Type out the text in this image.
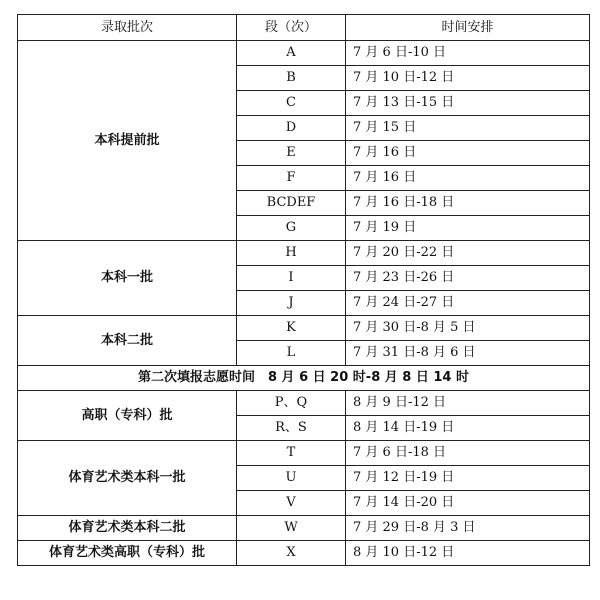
录取批次	段（次）	时间安排
本科提前批	A	7 月 6 日-10 日
	B	7 月 10 日-12 日
	C	7 月 13 日-15 日
	D	7 月 15 日
	E	7 月 16 日
	F	7 月 16 日
	BCDEF	7 月 16 日-18 日
	G	7 月 19 日
本科一批	H	7 月 20 日-22 日
	I	7 月 23 日-26 日
	J	7 月 24 日-27 日
本科二批	K	7 月 30 日-8 月 5 日
	L	7 月 31 日-8 月 6 日
第二次填报志愿时间　8 月 6 日 20 时-8 月 8 日 14 时		
高职（专科）批	P、Q	8 月 9 日-12 日
	R、S	8 月 14 日-19 日
体育艺术类本科一批	T	7 月 6 日-18 日
	U	7 月 12 日-19 日
	V	7 月 14 日-20 日
体育艺术类本科二批	W	7 月 29 日-8 月 3 日
体育艺术类高职（专科）批	X	8 月 10 日-12 日
